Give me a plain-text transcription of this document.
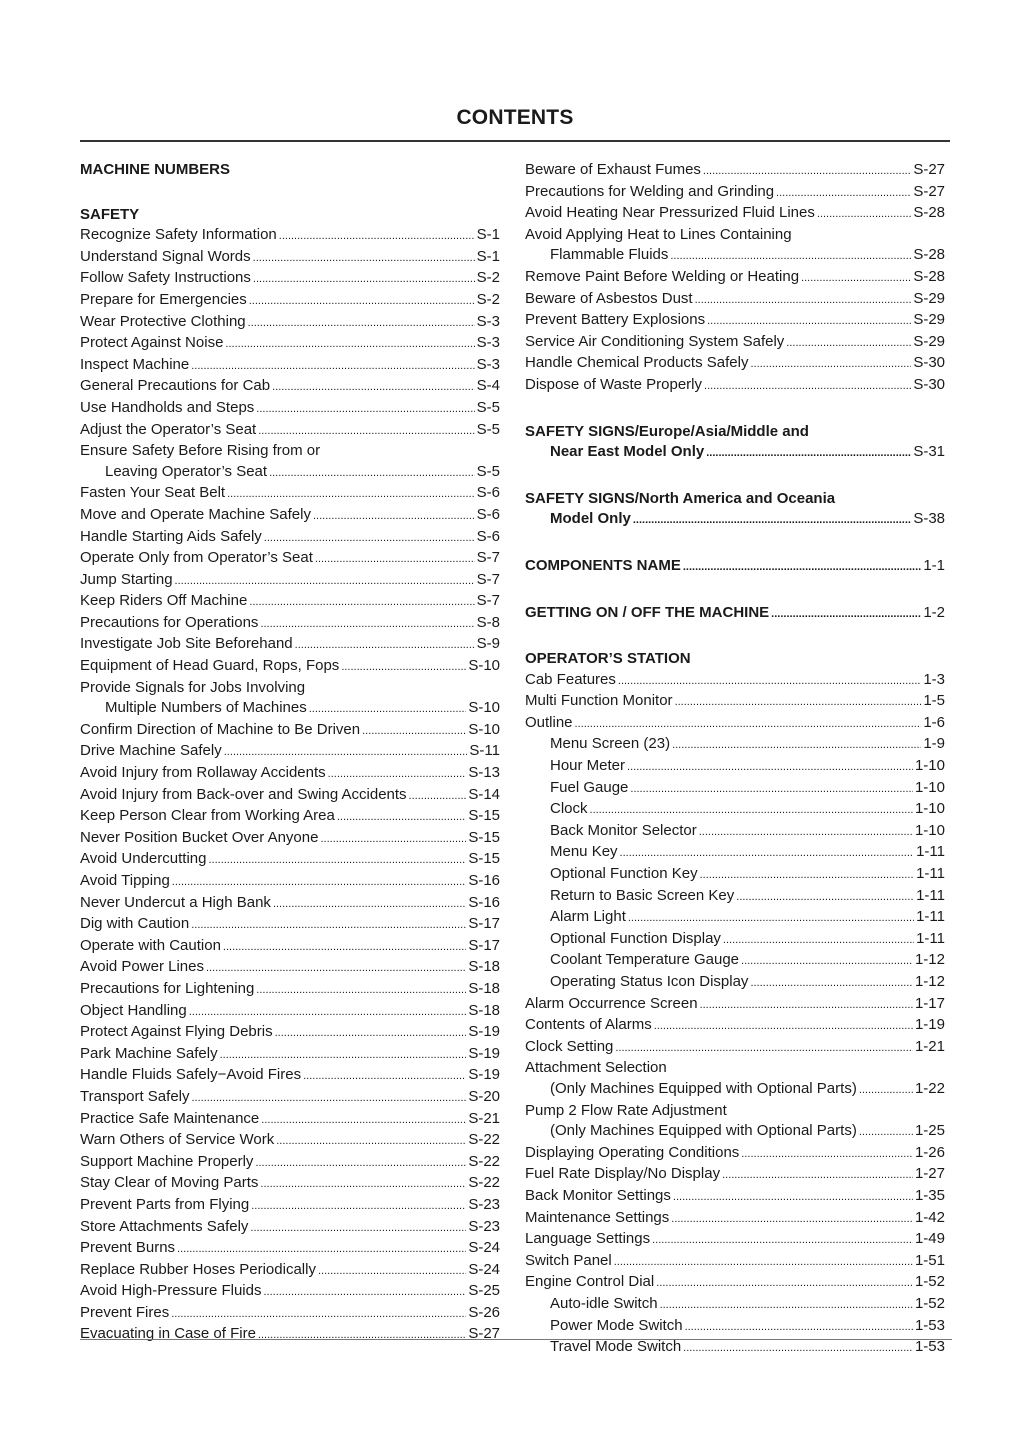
CONTENTS
MACHINE NUMBERS
SAFETY
Recognize Safety Information .....	S-1
Understand Signal Words .....	S-1
Follow Safety Instructions .....	S-2
Prepare for Emergencies .....	S-2
Wear Protective Clothing .....	S-3
Protect Against Noise .....	S-3
Inspect Machine .....	S-3
General Precautions for Cab .....	S-4
Use Handholds and Steps .....	S-5
Adjust the Operator’s Seat .....	S-5
Ensure Safety Before Rising from or
Leaving Operator’s Seat .....	S-5
Fasten Your Seat Belt .....	S-6
Move and Operate Machine Safely .....	S-6
Handle Starting Aids Safely .....	S-6
Operate Only from Operator’s Seat .....	S-7
Jump Starting .....	S-7
Keep Riders Off Machine .....	S-7
Precautions for Operations .....	S-8
Investigate Job Site Beforehand .....	S-9
Equipment of Head Guard, Rops, Fops .....	S-10
Provide Signals for Jobs Involving
Multiple Numbers of Machines .....	S-10
Confirm Direction of Machine to Be Driven .....	S-10
Drive Machine Safely .....	S-11
Avoid Injury from Rollaway Accidents .....	S-13
Avoid Injury from Back-over and Swing Accidents .....	S-14
Keep Person Clear from Working Area .....	S-15
Never Position Bucket Over Anyone .....	S-15
Avoid Undercutting .....	S-15
Avoid Tipping .....	S-16
Never Undercut a High Bank .....	S-16
Dig with Caution .....	S-17
Operate with Caution .....	S-17
Avoid Power Lines .....	S-18
Precautions for Lightening .....	S-18
Object Handling .....	S-18
Protect Against Flying Debris .....	S-19
Park Machine Safely .....	S-19
Handle Fluids Safely−Avoid Fires .....	S-19
Transport Safely .....	S-20
Practice Safe Maintenance .....	S-21
Warn Others of Service Work .....	S-22
Support Machine Properly .....	S-22
Stay Clear of Moving Parts .....	S-22
Prevent Parts from Flying .....	S-23
Store Attachments Safely .....	S-23
Prevent Burns .....	S-24
Replace Rubber Hoses Periodically .....	S-24
Avoid High-Pressure Fluids .....	S-25
Prevent Fires .....	S-26
Evacuating in Case of Fire .....	S-27
Beware of Exhaust Fumes .....	S-27
Precautions for Welding and Grinding .....	S-27
Avoid Heating Near Pressurized Fluid Lines .....	S-28
Avoid Applying Heat to Lines Containing
Flammable Fluids .....	S-28
Remove Paint Before Welding or Heating .....	S-28
Beware of Asbestos Dust .....	S-29
Prevent Battery Explosions .....	S-29
Service Air Conditioning System Safely .....	S-29
Handle Chemical Products Safely .....	S-30
Dispose of Waste Properly .....	S-30
SAFETY SIGNS/Europe/Asia/Middle and
Near East Model Only .....	S-31
SAFETY SIGNS/North America and Oceania
Model Only .....	S-38
COMPONENTS NAME .....	1-1
GETTING ON / OFF THE MACHINE .....	1-2
OPERATOR’S STATION
Cab Features .....	1-3
Multi Function Monitor .....	1-5
Outline .....	1-6
Menu Screen (23) .....	1-9
Hour Meter .....	1-10
Fuel Gauge .....	1-10
Clock .....	1-10
Back Monitor Selector .....	1-10
Menu Key .....	1-11
Optional Function Key .....	1-11
Return to Basic Screen Key .....	1-11
Alarm Light .....	1-11
Optional Function Display .....	1-11
Coolant Temperature Gauge .....	1-12
Operating Status Icon Display .....	1-12
Alarm Occurrence Screen .....	1-17
Contents of Alarms .....	1-19
Clock Setting .....	1-21
Attachment Selection
(Only Machines Equipped with Optional Parts) .....	1-22
Pump 2 Flow Rate Adjustment
(Only Machines Equipped with Optional Parts) .....	1-25
Displaying Operating Conditions .....	1-26
Fuel Rate Display/No Display .....	1-27
Back Monitor Settings .....	1-35
Maintenance Settings .....	1-42
Language Settings .....	1-49
Switch Panel .....	1-51
Engine Control Dial .....	1-52
Auto-idle Switch .....	1-52
Power Mode Switch .....	1-53
Travel Mode Switch .....	1-53
